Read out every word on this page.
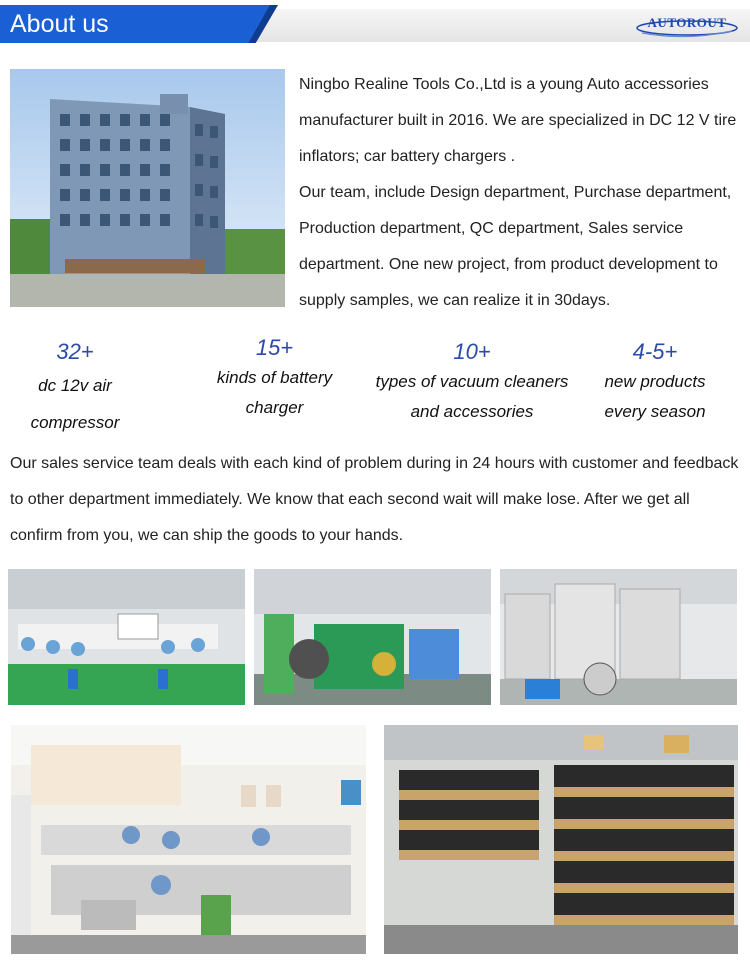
About us	AUTOROUT

Ningbo Realine Tools Co.,Ltd is a young Auto accessories manufacturer built in 2016. We are specialized in DC 12 V tire inflators; car battery chargers .

Our team, include Design department, Purchase department, Production department, QC department, Sales service department. One new project, from product development to supply samples, we can realize it in 30days.

32+
dc 12v air
compressor
15+
kinds of battery
charger
10+
types of vacuum cleaners
and accessories
4-5+
new products
every season
Our sales service team deals with each kind of problem during in 24 hours with customer and feedback to other department immediately. We know that each second wait will make lose. After we get all confirm from you, we can ship the goods to your hands.
